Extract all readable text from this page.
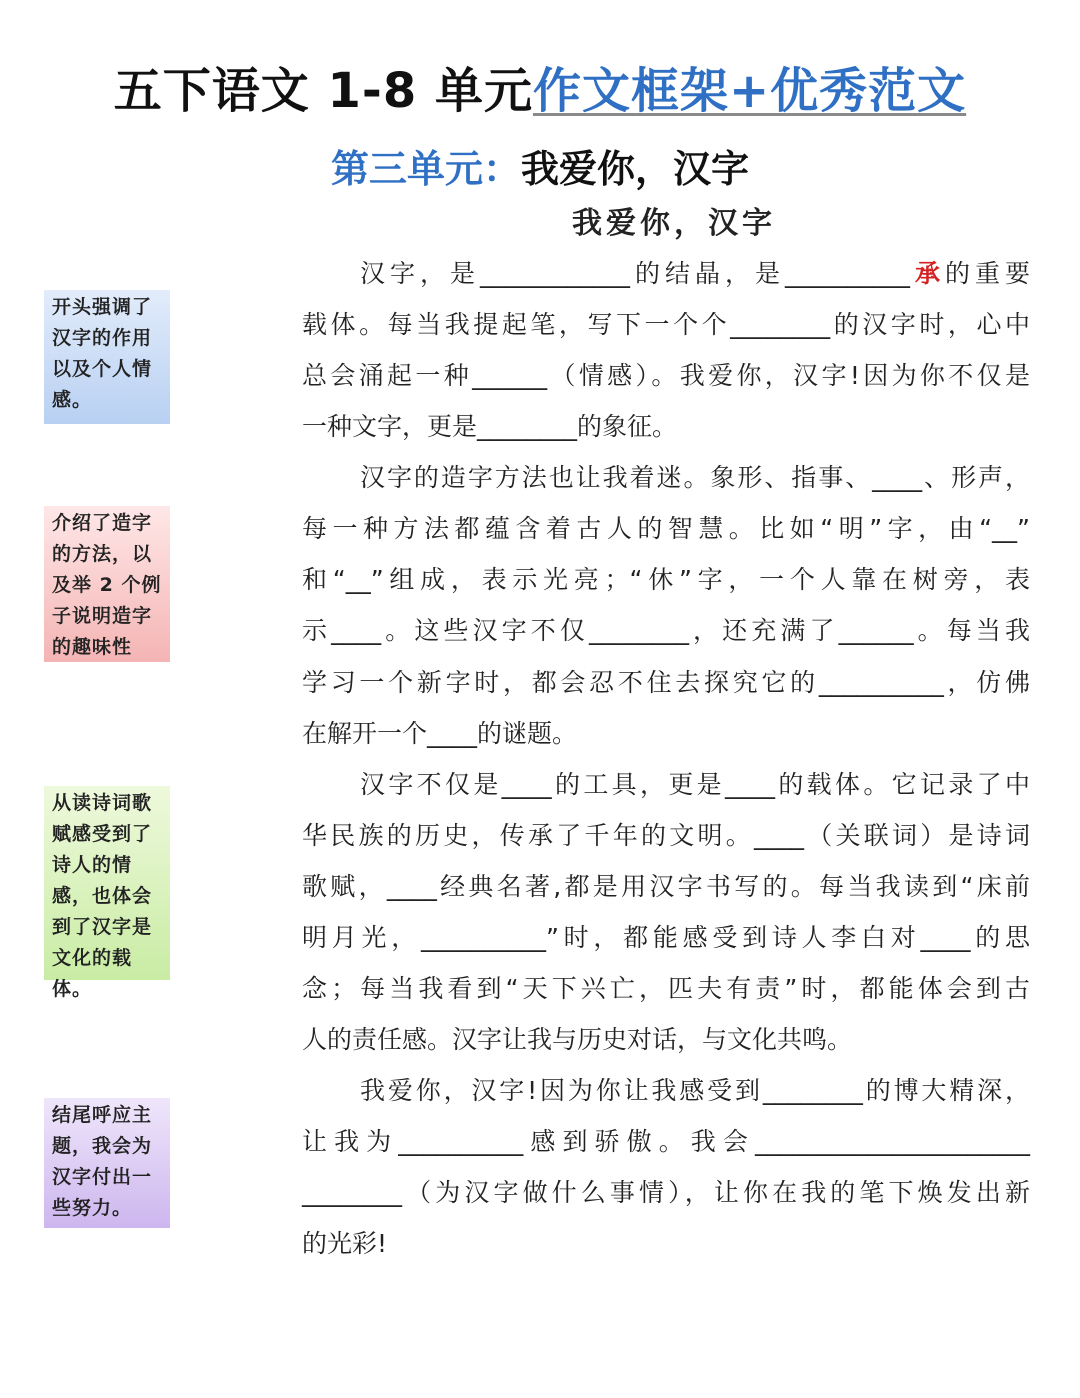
五下语文 1-8 单元作文框架+优秀范文
第三单元：我爱你，汉字
我爱你，汉字
开头强调了汉字的作用以及个人情感。
介绍了造字的方法，以及举 2 个例子说明造字的趣味性
从读诗词歌赋感受到了诗人的情感，也体会到了汉字是文化的载体。
结尾呼应主题，我会为汉字付出一些努力。
汉字，是____________的结晶，是__________承的重要
载体。每当我提起笔，写下一个个________的汉字时，心中
总会涌起一种______（情感）。我爱你，汉字!因为你不仅是
一种文字，更是________的象征。
汉字的造字方法也让我着迷。象形、指事、____、形声，
每一种方法都蕴含着古人的智慧。比如“明”字，由“__”
和“__”组成，表示光亮；“休”字，一个人靠在树旁，表
示____。这些汉字不仅________，还充满了______。每当我
学习一个新字时，都会忍不住去探究它的__________，仿佛
在解开一个____的谜题。
汉字不仅是____的工具，更是____的载体。它记录了中
华民族的历史，传承了千年的文明。____（关联词）是诗词
歌赋，____经典名著,都是用汉字书写的。每当我读到“床前
明月光，__________”时，都能感受到诗人李白对____的思
念；每当我看到“天下兴亡，匹夫有责”时，都能体会到古
人的责任感。汉字让我与历史对话，与文化共鸣。
我爱你，汉字!因为你让我感受到________的博大精深，
让我为__________感到骄傲。我会______________________
________（为汉字做什么事情），让你在我的笔下焕发出新
的光彩!
